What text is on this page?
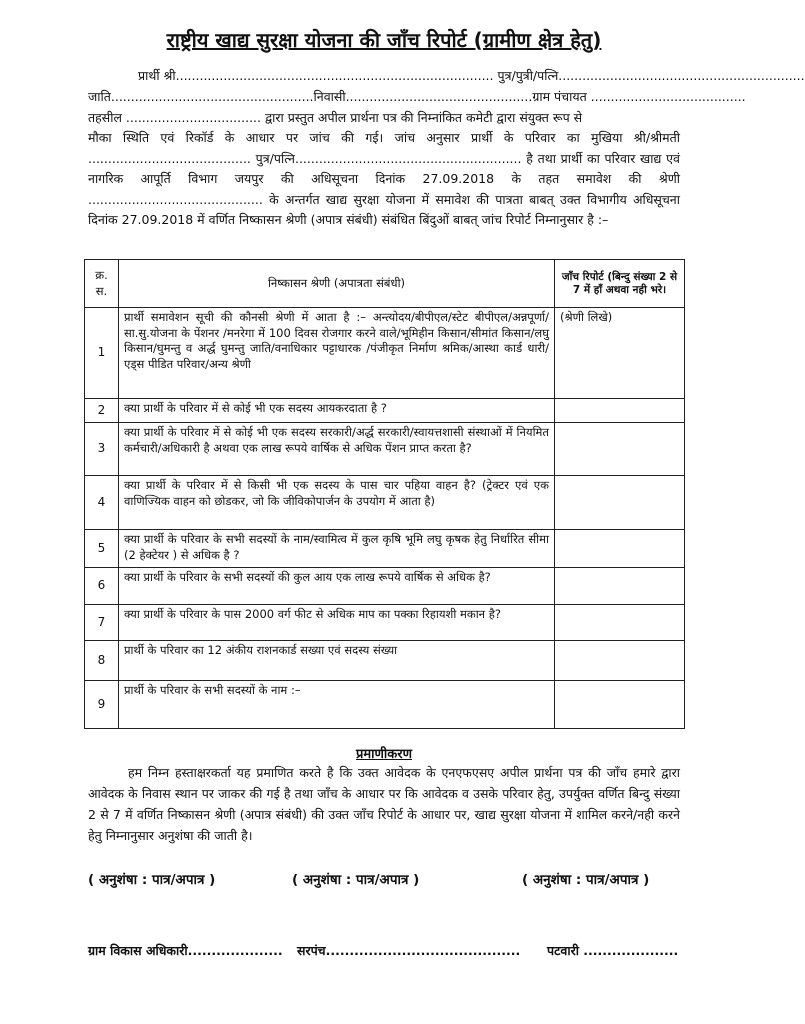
राष्ट्रीय खाद्य सुरक्षा योजना की जाँच रिपोर्ट (ग्रामीण क्षेत्र हेतु)
प्रार्थी श्री................................................................................ पुत्र/पुत्री/पत्नि..............................................................
जाति...................................................निवासी...............................................ग्राम पंचायत .......................................
तहसील .................................. द्वारा प्रस्तुत अपील प्रार्थना पत्र की निम्नांकित कमेटी द्वारा संयुक्त रूप से
मौका स्थिति एवं रिकॉर्ड के आधार पर जांच की गई। जांच अनुसार प्रार्थी के परिवार का मुखिया श्री/श्रीमती ......................................... पुत्र/पत्नि......................................................... है तथा प्रार्थी का परिवार खाद्य एवं नागरिक आपूर्ति विभाग जयपुर की अधिसूचना दिनांक 27.09.2018 के तहत समावेश की श्रेणी ............................................ के अन्तर्गत खाद्य सुरक्षा योजना में समावेश की पात्रता बाबत् उक्त विभागीय अधिसूचना दिनांक 27.09.2018 में वर्णित निष्कासन श्रेणी (अपात्र संबंधी) संबंधित बिंदुओं बाबत् जांच रिपोर्ट निम्नानुसार है :–
क्र. स.	निष्कासन श्रेणी (अपात्रता संबंधी)	जाँच रिपोर्ट (बिन्दु संख्या 2 से 7 में हाँ अथवा नही भरे।
1	प्रार्थी समावेशन सूची की कौनसी श्रेणी में आता है :– अन्त्योदय/बीपीएल/स्टेट बीपीएल/अन्नपूर्णा/सा.सु.योजना के पेंशनर /मनरेगा में 100 दिवस रोजगार करने वाले/भूमिहीन किसान/सीमांत किसान/लघु किसान/घुमन्तु व अर्द्ध घुमन्तु जाति/वनाधिकार पट्टाधारक /पंजीकृत निर्माण श्रमिक/आस्था कार्ड धारी/एड्स पीडित परिवार/अन्य श्रेणी	(श्रेणी लिखे)
2	क्या प्रार्थी के परिवार में से कोई भी एक सदस्य आयकरदाता है ?	
3	क्या प्रार्थी के परिवार में से कोई भी एक सदस्य सरकारी/अर्द्ध सरकारी/स्वायत्तशासी संस्थाओं में नियमित कर्मचारी/अधिकारी है अथवा एक लाख रूपये वार्षिक से अधिक पेंशन प्राप्त करता है?	
4	क्या प्रार्थी के परिवार में से किसी भी एक सदस्य के पास चार पहिया वाहन है? (ट्रेक्टर एवं एक वाणिज्यिक वाहन को छोडकर, जो कि जीविकोपार्जन के उपयोग में आता है)	
5	क्या प्रार्थी के परिवार के सभी सदस्यों के नाम/स्वामित्व में कुल कृषि भूमि लघु कृषक हेतु निर्धारित सीमा (2 हेक्टेयर ) से अधिक है ?	
6	क्या प्रार्थी के परिवार के सभी सदस्यों की कुल आय एक लाख रूपये वार्षिक से अधिक है?	
7	क्या प्रार्थी के परिवार के पास 2000 वर्ग फीट से अधिक माप का पक्का रिहायशी मकान है?	
8	प्रार्थी के परिवार का 12 अंकीय राशनकार्ड सख्या एवं सदस्य संख्या	
9	प्रार्थी के परिवार के सभी सदस्यों के नाम :–	
प्रमाणीकरण
हम निम्न हस्ताक्षरकर्ता यह प्रमाणित करते है कि उक्त आवेदक के एनएफएसए अपील प्रार्थना पत्र की जाँच हमारे द्वारा आवेदक के निवास स्थान पर जाकर की गई है तथा जाँच के आधार पर कि आवेदक व उसके परिवार हेतु, उपर्युक्त वर्णित बिन्दु संख्या 2 से 7 में वर्णित निष्कासन श्रेणी (अपात्र संबंधी) की उक्त जाँच रिपोर्ट के आधार पर, खाद्य सुरक्षा योजना में शामिल करने/नही करने हेतु निम्नानुसार अनुशंषा की जाती है।
( अनुशंषा : पात्र/अपात्र )	( अनुशंषा : पात्र/अपात्र )	( अनुशंषा : पात्र/अपात्र )
ग्राम विकास अधिकारी.................... सरपंच......................................... पटवारी ....................
